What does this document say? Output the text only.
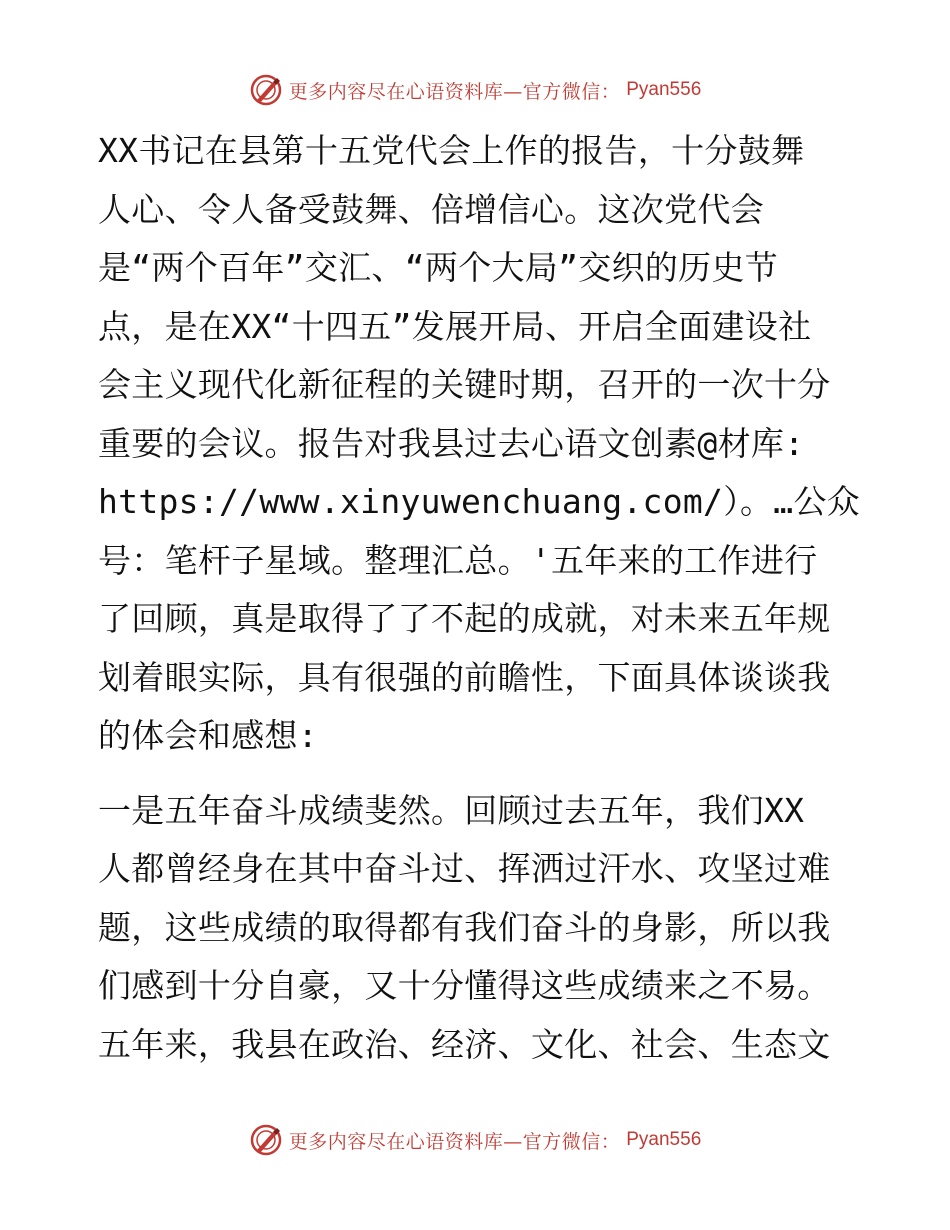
更多内容尽在心语资料库—官方微信： Pyan556

XX书记在县第十五党代会上作的报告，十分鼓舞
人心、令人备受鼓舞、倍增信心。这次党代会
是“两个百年”交汇、“两个大局”交织的历史节
点，是在XX“十四五”发展开局、开启全面建设社
会主义现代化新征程的关键时期，召开的一次十分
重要的会议。报告对我县过去心语文创素@材库:
https://www.xinyuwenchuang.com/）。…公众
号：笔杆子星域。整理汇总。'五年来的工作进行
了回顾，真是取得了了不起的成就，对未来五年规
划着眼实际，具有很强的前瞻性，下面具体谈谈我
的体会和感想:

一是五年奋斗成绩斐然。回顾过去五年，我们XX
人都曾经身在其中奋斗过、挥洒过汗水、攻坚过难
题，这些成绩的取得都有我们奋斗的身影，所以我
们感到十分自豪，又十分懂得这些成绩来之不易。
五年来，我县在政治、经济、文化、社会、生态文

更多内容尽在心语资料库—官方微信： Pyan556
